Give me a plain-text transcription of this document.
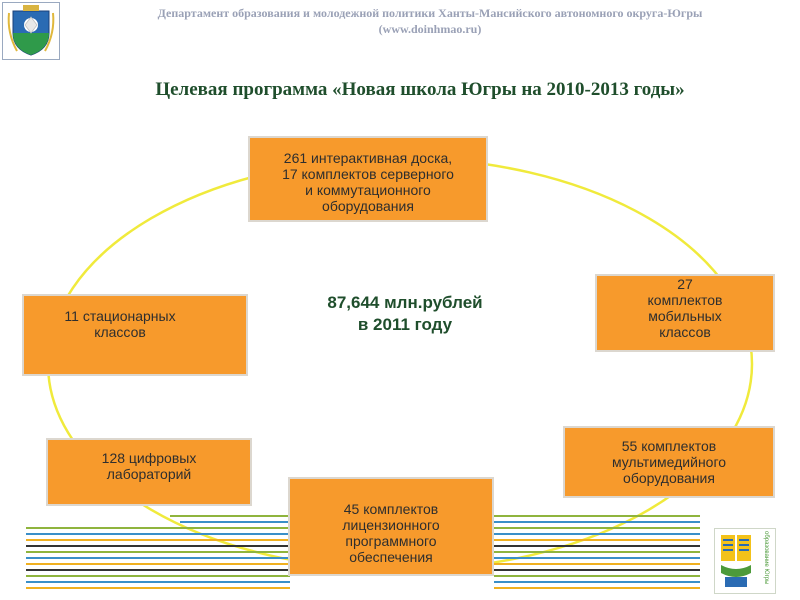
Департамент образования и молодежной политики Ханты-Мансийского автономного округа-Югры
(www.doinhmao.ru)
Целевая программа «Новая школа Югры на 2010-2013 годы»
261 интерактивная доска,
17 комплектов серверного
и коммутационного
оборудования
27
комплектов
мобильных
классов
55 комплектов
мультимедийного
оборудования
45 комплектов
лицензионного
программного
обеспечения
128 цифровых
лабораторий
11 стационарных
классов
87,644 млн.рублей
в 2011 году
образование Югры
